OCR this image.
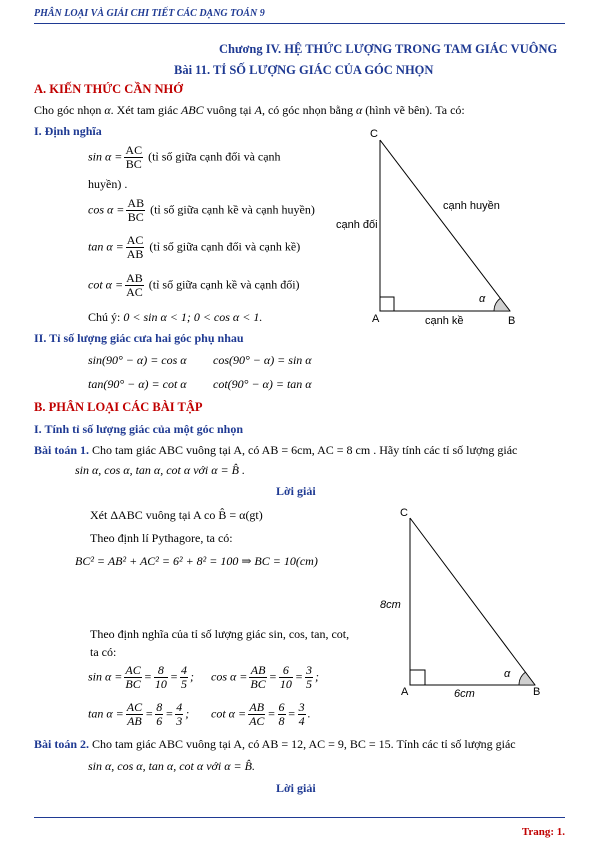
PHÂN LOẠI VÀ GIẢI CHI TIẾT CÁC DẠNG TOÁN 9
Chương IV. HỆ THỨC LƯỢNG TRONG TAM GIÁC VUÔNG
Bài 11. TỈ SỐ LƯỢNG GIÁC CỦA GÓC NHỌN
A. KIẾN THỨC CẦN NHỚ
Cho góc nhọn α. Xét tam giác ABC vuông tại A, có góc nhọn bằng α (hình vẽ bên). Ta có:
I. Định nghĩa
$\sin \alpha = \frac{AC}{BC}$ (tỉ số giữa cạnh đối và cạnh
huyền) .
$\cos \alpha = \frac{AB}{BC}$ (tỉ số giữa cạnh kề và cạnh huyền)
$\tan \alpha = \frac{AC}{AB}$ (tỉ số giữa cạnh đối và cạnh kề)
$\cot \alpha = \frac{AB}{AC}$ (tỉ số giữa cạnh kề và cạnh đối)
Chú ý: 0 < sin α < 1; 0 < cos α < 1.
C
A	B
cạnh huyền
cạnh đối
cạnh kề
α
II. Tỉ số lượng giác cưa hai góc phụ nhau
sin(90° − α) = cos α cos(90° − α) = sin α
tan(90° − α) = cot α cot(90° − α) = tan α
B. PHÂN LOẠI CÁC BÀI TẬP
I. Tính tỉ số lượng giác của một góc nhọn
Bài toán 1. Cho tam giác ABC vuông tại A, có AB = 6cm, AC = 8 cm . Hãy tính các tỉ số lượng giác
sin α, cos α, tan α, cot α với α = B̂ .
Lời giải
Xét ΔABC vuông tại A co B̂ = α(gt)
Theo định lí Pythagore, ta có:
BC² = AB² + AC² = 6² + 8² = 100 ⇒ BC = 10(cm)
Theo định nghĩa của tỉ số lượng giác sin, cos, tan, cot,
ta có:
$\sin \alpha = \frac{AC}{BC} = \frac{8}{10} = \frac{4}{5}$ ; $\cos \alpha = \frac{AB}{BC} = \frac{6}{10} = \frac{3}{5}$ ;
$\tan \alpha = \frac{AC}{AB} = \frac{8}{6} = \frac{4}{3}$ ; $\cot \alpha = \frac{AB}{AC} = \frac{6}{8} = \frac{3}{4}$ .
C
A	B
8cm
6cm
α
Bài toán 2. Cho tam giác ABC vuông tại A, có AB = 12, AC = 9, BC = 15. Tính các tỉ số lượng giác
sin α, cos α, tan α, cot α với α = B̂.
Lời giải
Trang: 1.
